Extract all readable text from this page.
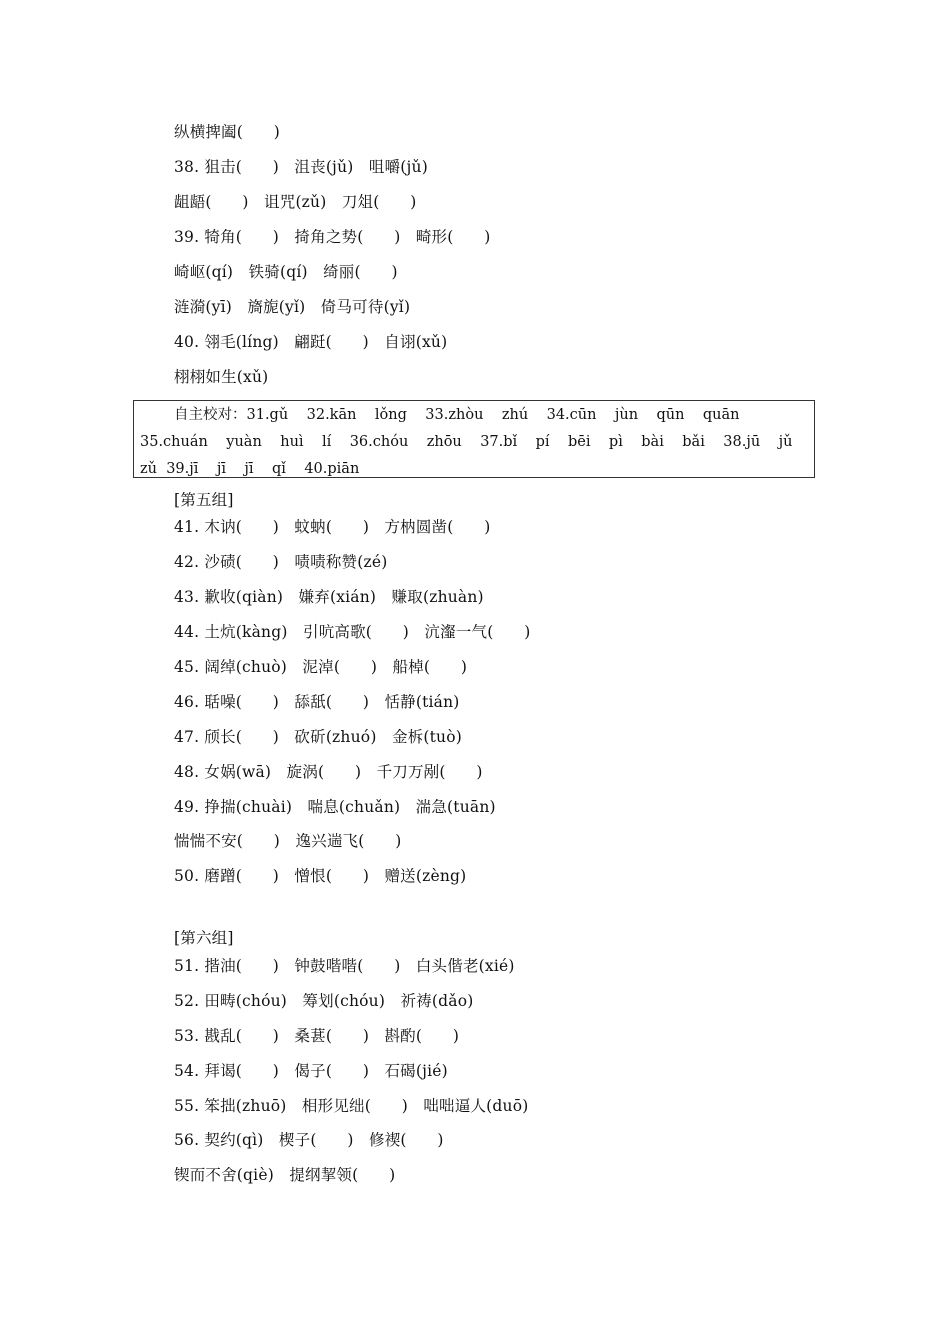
纵横捭阖(      )
38. 狙击(      )   沮丧(jǔ)   咀嚼(jǔ)
龃龉(      )   诅咒(zǔ)   刀俎(      )
39. 犄角(      )   掎角之势(      )   畸形(      )
崎岖(qí)   铁骑(qí)   绮丽(      )
涟漪(yī)   旖旎(yǐ)   倚马可待(yǐ)
40. 翎毛(líng)   翩跹(      )   自诩(xǔ)
栩栩如生(xǔ)
自主校对：31.gǔ    32.kān    lǒng    33.zhòu    zhú    34.cūn    jùn    qūn    quān
35.chuán    yuàn    huì    lí    36.chóu    zhōu    37.bǐ    pí    bēi    pì    bài    bǎi    38.jū    jǔ
zǔ  39.jī    jī    jī    qǐ    40.piān
[第五组]
41. 木讷(      )   蚊蚋(      )   方枘圆凿(      )
42. 沙碛(      )   啧啧称赞(zé)
43. 歉收(qiàn)   嫌弃(xián)   赚取(zhuàn)
44. 土炕(kàng)   引吭高歌(      )   沆瀣一气(      )
45. 阔绰(chuò)   泥淖(      )   船棹(      )
46. 聒噪(      )   舔舐(      )   恬静(tián)
47. 颀长(      )   砍斫(zhuó)   金柝(tuò)
48. 女娲(wā)   旋涡(      )   千刀万剐(      )
49. 挣揣(chuài)   喘息(chuǎn)   湍急(tuān)
惴惴不安(      )   逸兴遄飞(      )
50. 磨蹭(      )   憎恨(      )   赠送(zèng)
[第六组]
51. 揩油(      )   钟鼓喈喈(      )   白头偕老(xié)
52. 田畴(chóu)   筹划(chóu)   祈祷(dǎo)
53. 戡乱(      )   桑葚(      )   斟酌(      )
54. 拜谒(      )   偈子(      )   石碣(jié)
55. 笨拙(zhuō)   相形见绌(      )   咄咄逼人(duō)
56. 契约(qì)   楔子(      )   修禊(      )
锲而不舍(qiè)   提纲挈领(      )
